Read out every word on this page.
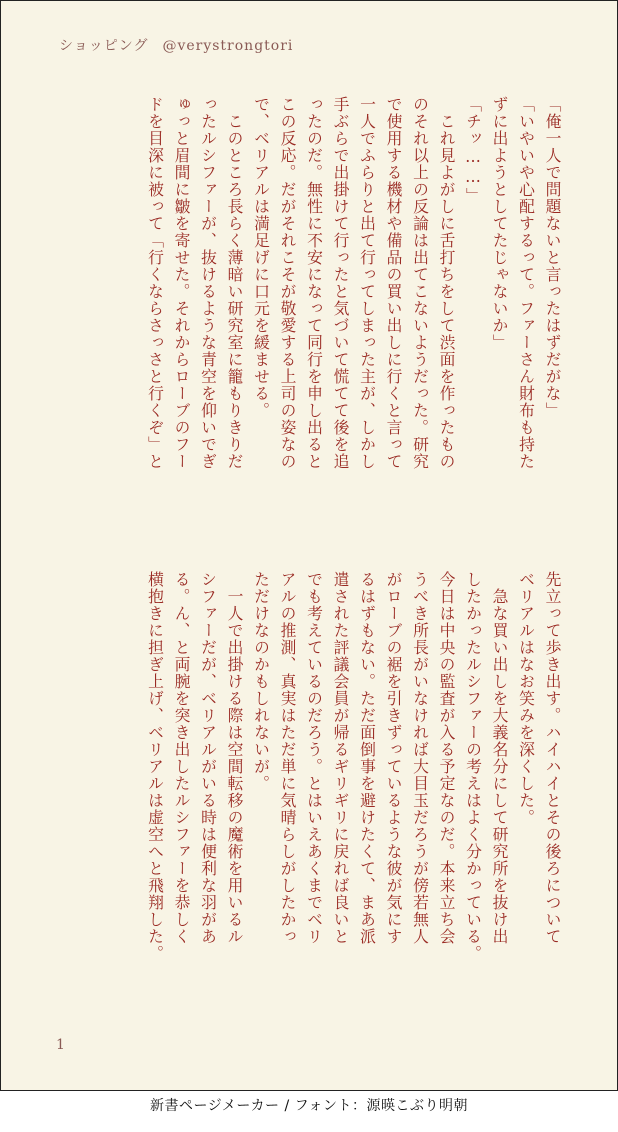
ショッピング @verystrongtori
「俺一人で問題ないと言ったはずだがな」
「いやいや心配するって。ファーさん財布も持た
ずに出ようとしてたじゃないか」
「チッ……」
　これ見よがしに舌打ちをして渋面を作ったもの
のそれ以上の反論は出てこないようだった。研究
で使用する機材や備品の買い出しに行くと言って
一人でふらりと出て行ってしまった主が、しかし
手ぶらで出掛けて行ったと気づいて慌てて後を追
ったのだ。無性に不安になって同行を申し出ると
この反応。だがそれこそが敬愛する上司の姿なの
で、ベリアルは満足げに口元を緩ませる。
　このところ長らく薄暗い研究室に籠もりきりだ
ったルシファーが、抜けるような青空を仰いでぎ
ゅっと眉間に皺を寄せた。それからローブのフー
ドを目深に被って「行くならさっさと行くぞ」と
先立って歩き出す。ハイハイとその後ろについて
ベリアルはなお笑みを深くした。
　急な買い出しを大義名分にして研究所を抜け出
したかったルシファーの考えはよく分かっている。
今日は中央の監査が入る予定なのだ。本来立ち会
うべき所長がいなければ大目玉だろうが傍若無人
がローブの裾を引きずっているような彼が気にす
るはずもない。ただ面倒事を避けたくて、まあ派
遣された評議会員が帰るギリギリに戻れば良いと
でも考えているのだろう。とはいえあくまでベリ
アルの推測、真実はただ単に気晴らしがしたかっ
ただけなのかもしれないが。
　一人で出掛ける際は空間転移の魔術を用いるル
シファーだが、ベリアルがいる時は便利な羽があ
る。ん、と両腕を突き出したルシファーを恭しく
横抱きに担ぎ上げ、ベリアルは虚空へと飛翔した。
1
新書ページメーカー / フォント：源暎こぶり明朝
